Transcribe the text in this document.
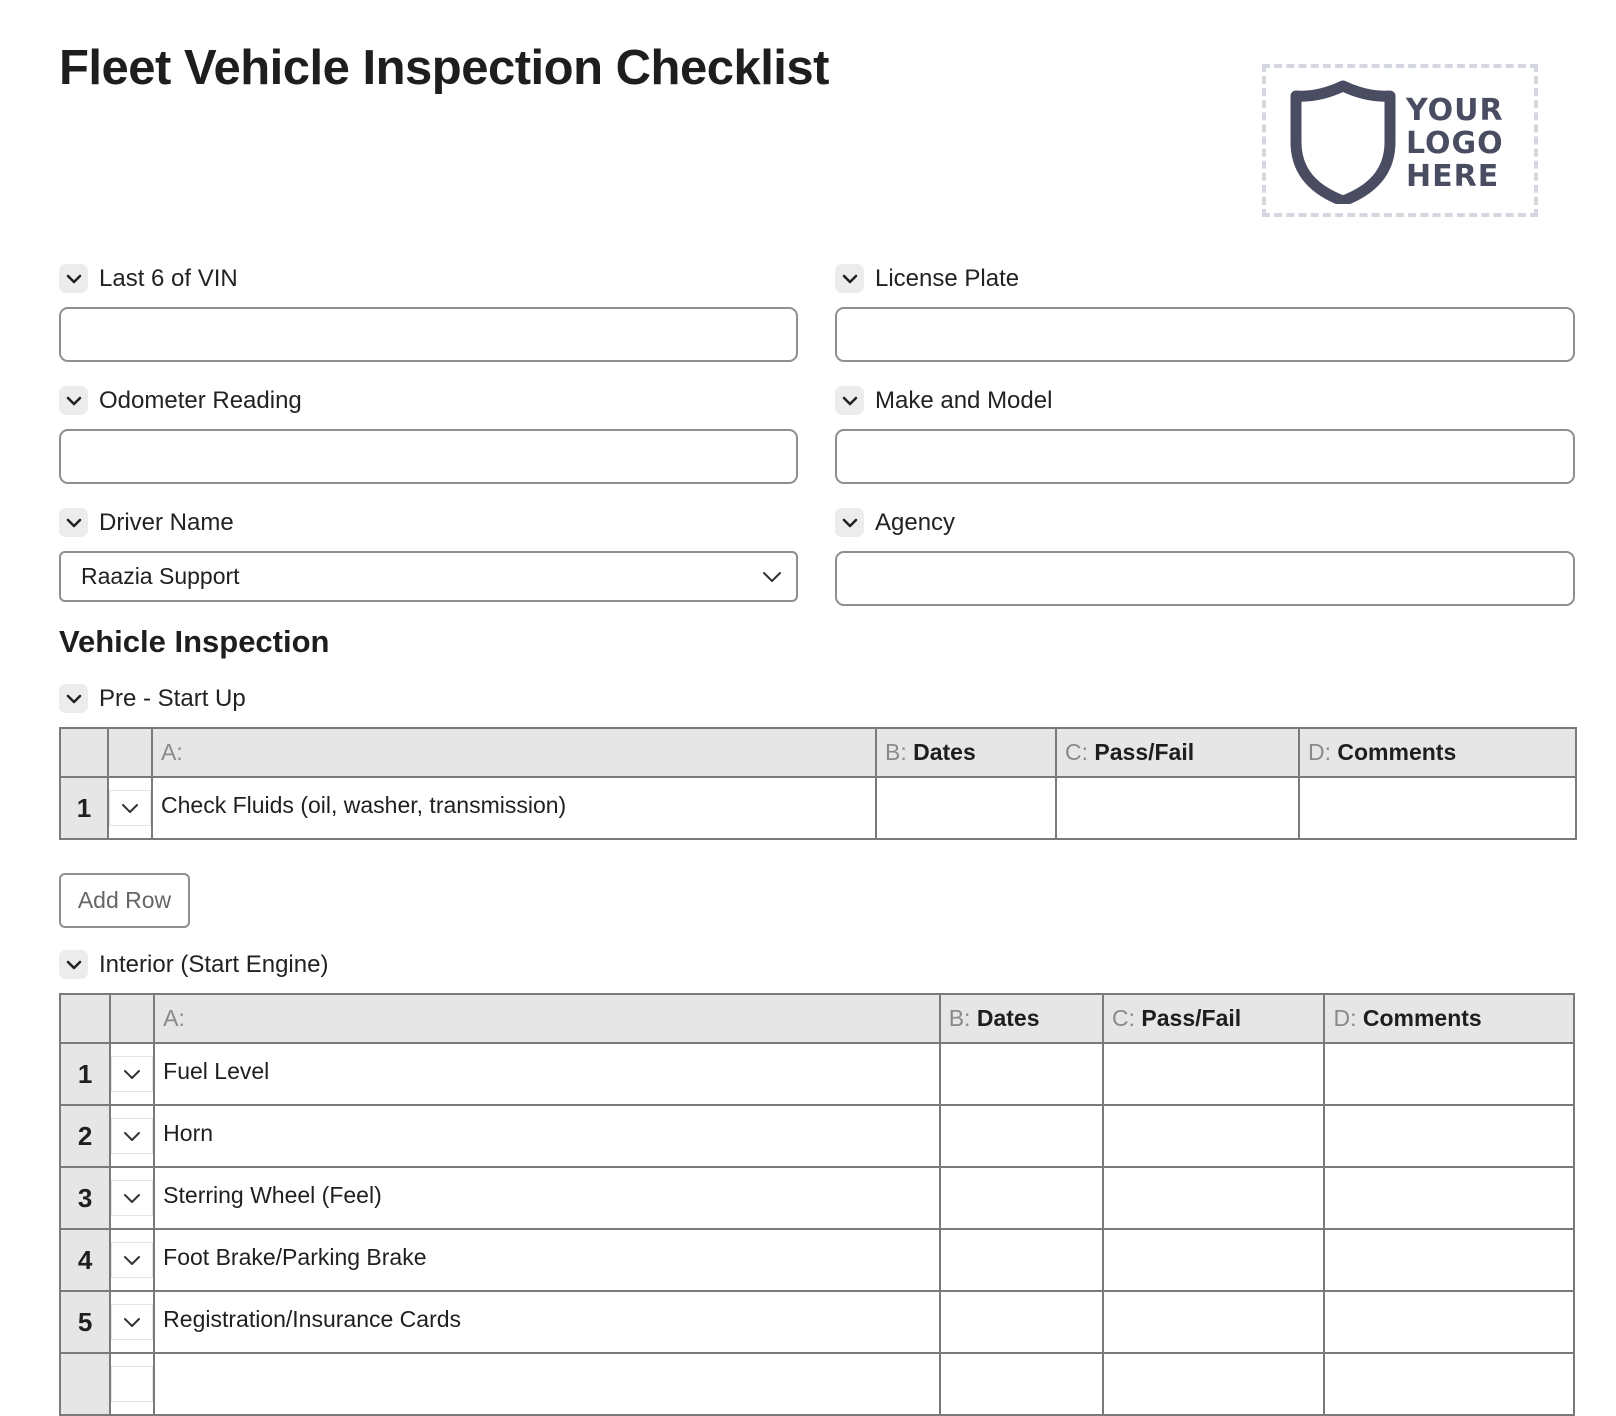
Fleet Vehicle Inspection Checklist
YOUR
LOGO
HERE
Last 6 of VIN	License Plate
Odometer Reading	Make and Model
Driver Name
Raazia Support
Agency
Vehicle Inspection
Pre - Start Up
		A:	B: Dates	C: Pass/Fail	D: Comments
1		Check Fluids (oil, washer, transmission)			
Add Row
Interior (Start Engine)
		A:	B: Dates	C: Pass/Fail	D: Comments
1		Fuel Level			
2		Horn			
3		Sterring Wheel (Feel)			
4		Foot Brake/Parking Brake			
5		Registration/Insurance Cards			
